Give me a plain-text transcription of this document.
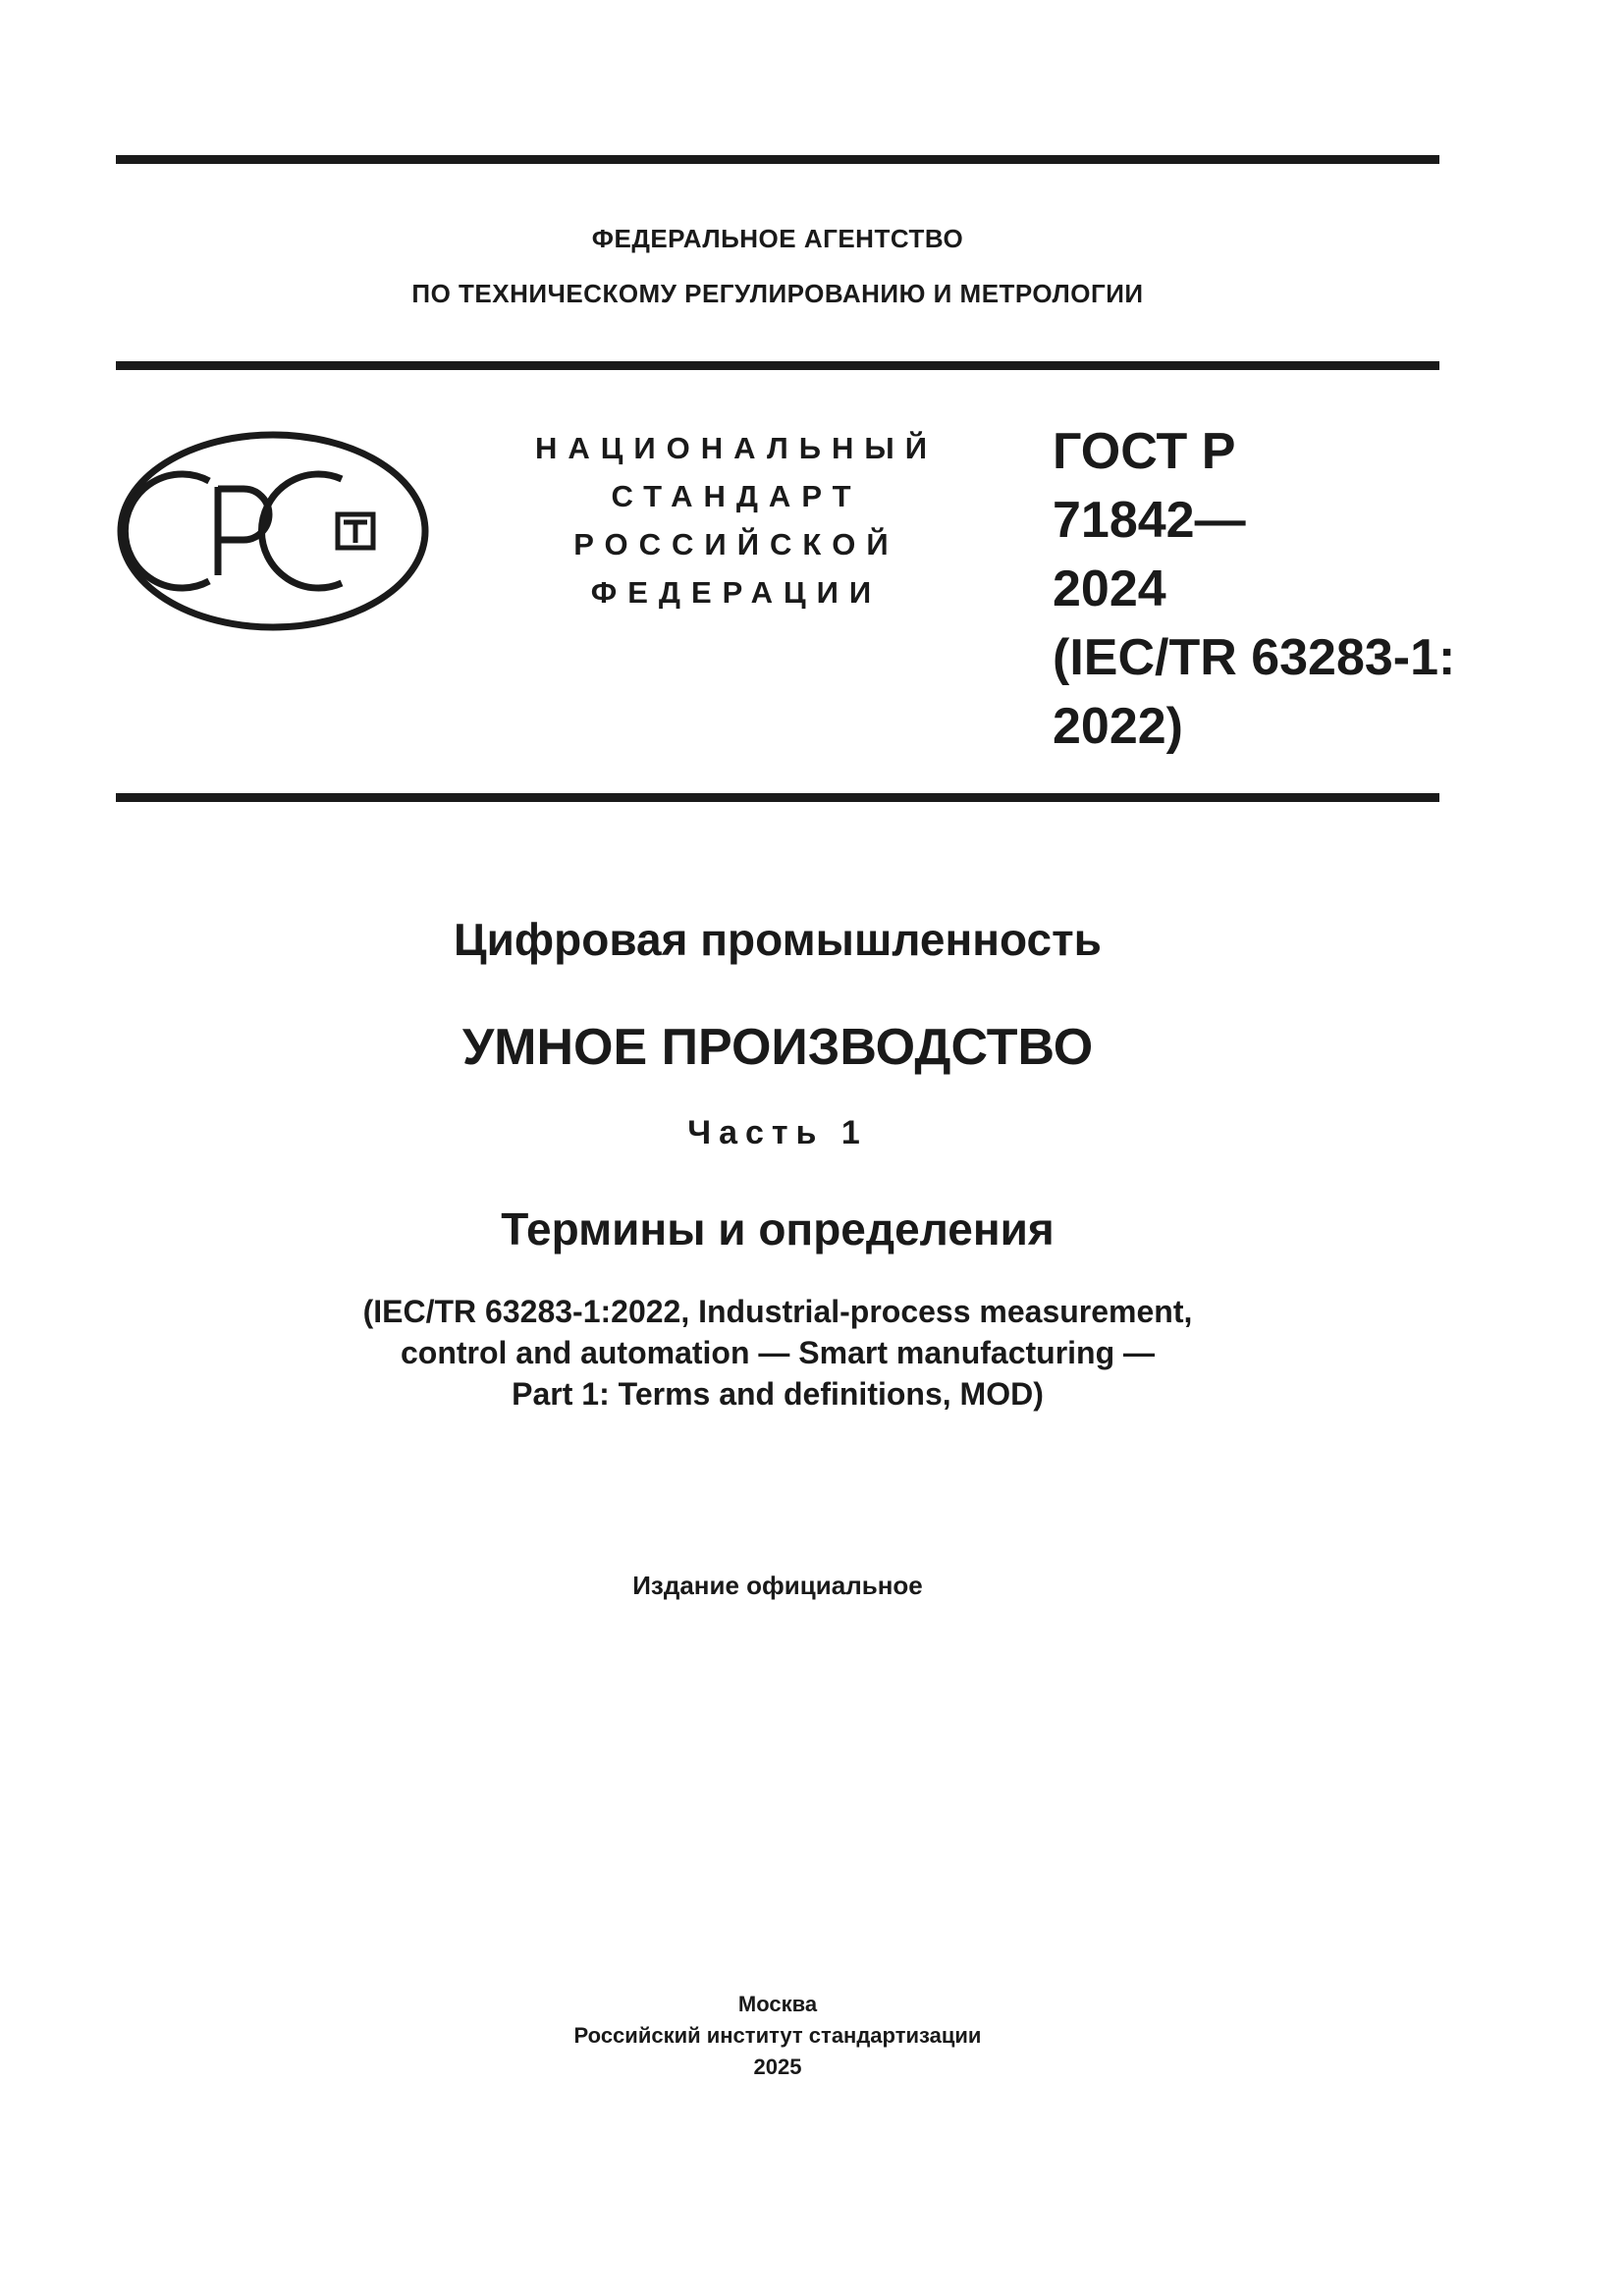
ФЕДЕРАЛЬНОЕ АГЕНТСТВО
ПО ТЕХНИЧЕСКОМУ РЕГУЛИРОВАНИЮ И МЕТРОЛОГИИ
НАЦИОНАЛЬНЫЙ
СТАНДАРТ
РОССИЙСКОЙ
ФЕДЕРАЦИИ
ГОСТ Р
71842—
2024
(IEC/TR 63283-1:
2022)
Цифровая промышленность
УМНОЕ ПРОИЗВОДСТВО
Часть 1
Термины и определения
(IEC/TR 63283-1:2022, Industrial-process measurement,
control and automation — Smart manufacturing —
Part 1: Terms and definitions, MOD)
Издание официальное
Москва
Российский институт стандартизации
2025
